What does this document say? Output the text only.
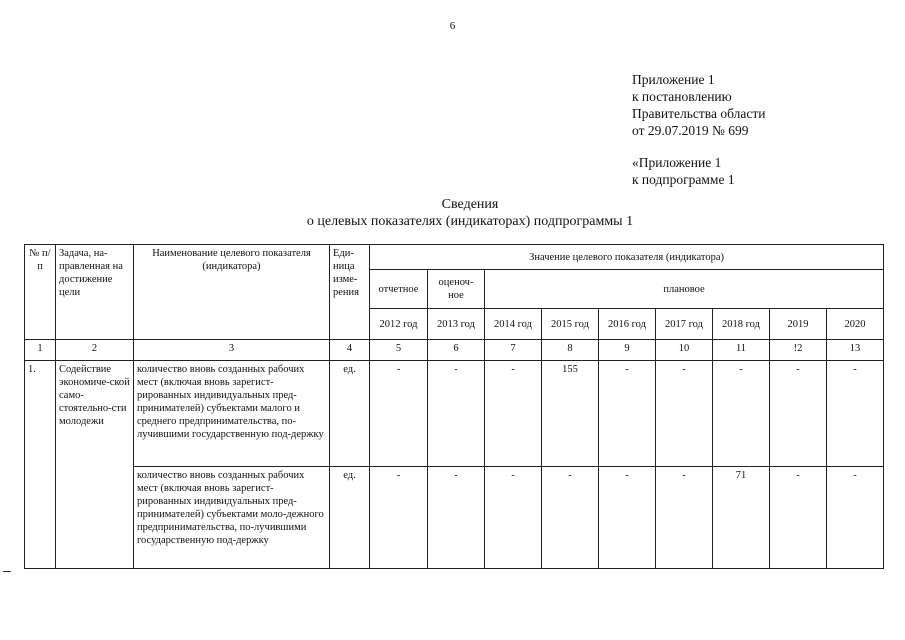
6
Приложение 1
к постановлению
Правительства области
от 29.07.2019 № 699
«Приложение 1
к подпрограмме 1
Сведения
о целевых показателях (индикаторах) подпрограммы 1
№ п/п	Задача, на-правленная на достижение цели	Наименование целевого показателя (индикатора)	Еди-ница изме-рения	Значение целевого показателя (индикатора)								
				отчетное	оценоч-ное	плановое						
				2012 год	2013 год	2014 год	2015 год	2016 год	2017 год	2018 год	2019	2020
1	2	3	4	5	6	7	8	9	10	11	!2	13
1.	Содействие экономиче-ской само-стоятельно-сти молодежи	количество вновь созданных рабочих мест (включая вновь зарегист-рированных индивидуальных пред-принимателей) субъектами малого и среднего предпринимательства, по-лучившими государственную под-держку	ед.	-	-	-	155	-	-	-	-	-
		количество вновь созданных рабочих мест (включая вновь зарегист-рированных индивидуальных пред-принимателей) субъектами моло-дежного предпринимательства, по-лучившими государственную под-держку	ед.	-	-	-	-	-	-	71	-	-
